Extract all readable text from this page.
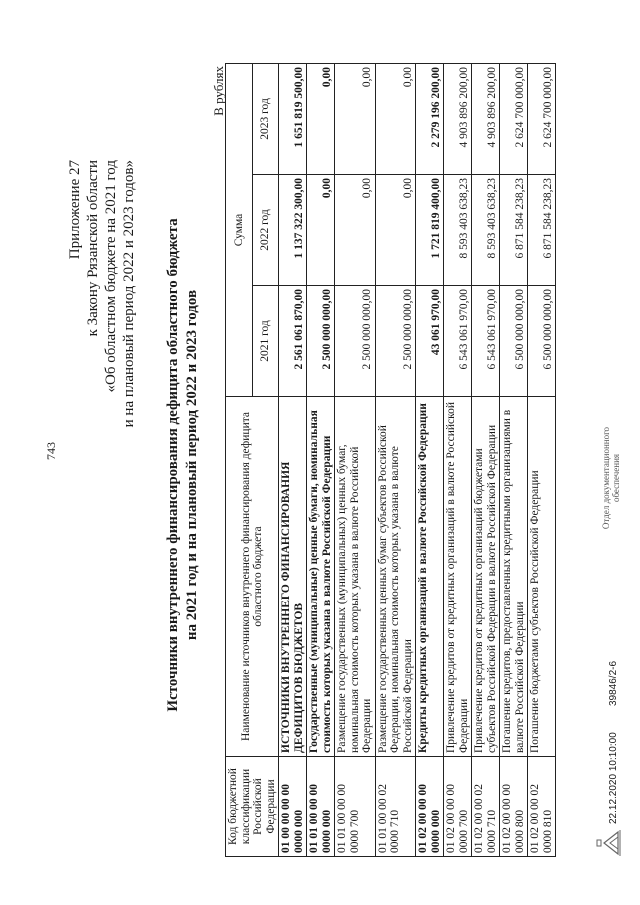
743
Приложение 27 к Закону Рязанской области «Об областном бюджете на 2021 год и на плановый период 2022 и 2023 годов» Источники внутреннего финансирования дефицита областного бюджета на 2021 год и на плановый период 2022 и 2023 годов
В рублях
Код бюджетной классификации Российской Федерации	Наименование источников внутреннего финансирования дефицита областного бюджета	Сумма		
		2021 год	2022 год	2023 год
01 00 00 00 00 0000 000	ИСТОЧНИКИ ВНУТРЕННЕГО ФИНАНСИРОВАНИЯ ДЕФИЦИТОВ БЮДЖЕТОВ	2 561 061 870,00	1 137 322 300,00	1 651 819 500,00
01 01 00 00 00 0000 000	Государственные (муниципальные) ценные бумаги, номинальная стоимость которых указана в валюте Российской Федерации	2 500 000 000,00	0,00	0,00
01 01 00 00 00 0000 700	Размещение государственных (муниципальных) ценных бумаг, номинальная стоимость которых указана в валюте Российской Федерации	2 500 000 000,00	0,00	0,00
01 01 00 00 02 0000 710	Размещение государственных ценных бумаг субъектов Российской Федерации, номинальная стоимость которых указана в валюте Российской Федерации	2 500 000 000,00	0,00	0,00
01 02 00 00 00 0000 000	Кредиты кредитных организаций в валюте Российской Федерации	43 061 970,00	1 721 819 400,00	2 279 196 200,00
01 02 00 00 00 0000 700	Привлечение кредитов от кредитных организаций в валюте Российской Федерации	6 543 061 970,00	8 593 403 638,23	4 903 896 200,00
01 02 00 00 02 0000 710	Привлечение кредитов от кредитных организаций бюджетами субъектов Российской Федерации в валюте Российской Федерации	6 543 061 970,00	8 593 403 638,23	4 903 896 200,00
01 02 00 00 00 0000 800	Погашение кредитов, предоставленных кредитными организациями в валюте Российской Федерации	6 500 000 000,00	6 871 584 238,23	2 624 700 000,00
01 02 00 00 02 0000 810	Погашение бюджетами субъектов Российской Федерации	6 500 000 000,00	6 871 584 238,23	2 624 700 000,00
22.12.2020 10:10:00
39846/2-6
Отдел документационного обеспечения
